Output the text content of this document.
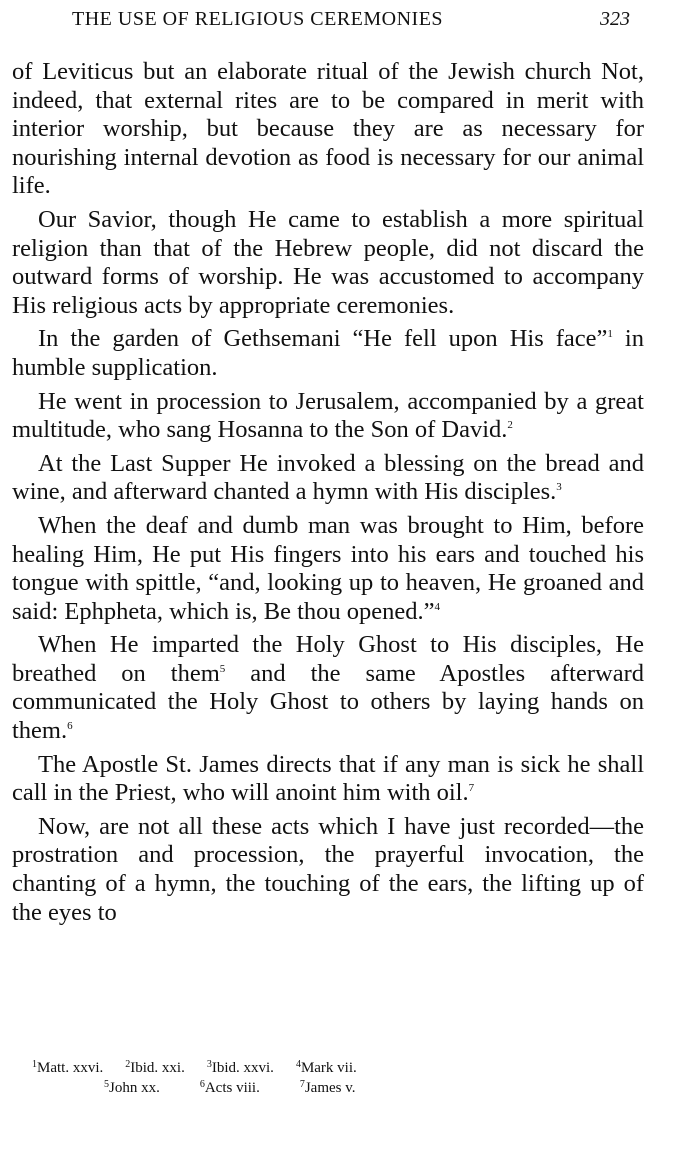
THE USE OF RELIGIOUS CEREMONIES	323

of Leviticus but an elaborate ritual of the Jewish church Not, indeed, that external rites are to be compared in merit with interior worship, but because they are as necessary for nourishing internal devotion as food is necessary for our animal life.

Our Savior, though He came to establish a more spiritual religion than that of the Hebrew people, did not discard the outward forms of worship. He was accustomed to accompany His religious acts by appropriate ceremonies.

In the garden of Gethsemani “He fell upon His face”$^1$ in humble supplication.

He went in procession to Jerusalem, accompanied by a great multitude, who sang Hosanna to the Son of David.$^2$

At the Last Supper He invoked a blessing on the bread and wine, and afterward chanted a hymn with His disciples.$^3$

When the deaf and dumb man was brought to Him, before healing Him, He put His fingers into his ears and touched his tongue with spittle, “and, looking up to heaven, He groaned and said: Ephpheta, which is, Be thou opened.”$^4$

When He imparted the Holy Ghost to His disciples, He breathed on them$^5$ and the same Apostles afterward communicated the Holy Ghost to others by laying hands on them.$^6$

The Apostle St. James directs that if any man is sick he shall call in the Priest, who will anoint him with oil.$^7$

Now, are not all these acts which I have just recorded—the prostration and procession, the prayerful invocation, the chanting of a hymn, the touching of the ears, the lifting up of the eyes to

$^1$Matt. xxvi. $^2$Ibid. xxi. $^3$Ibid. xxvi. $^4$Mark vii.
$^5$John xx.	$^6$Acts viii.	$^7$James v.
